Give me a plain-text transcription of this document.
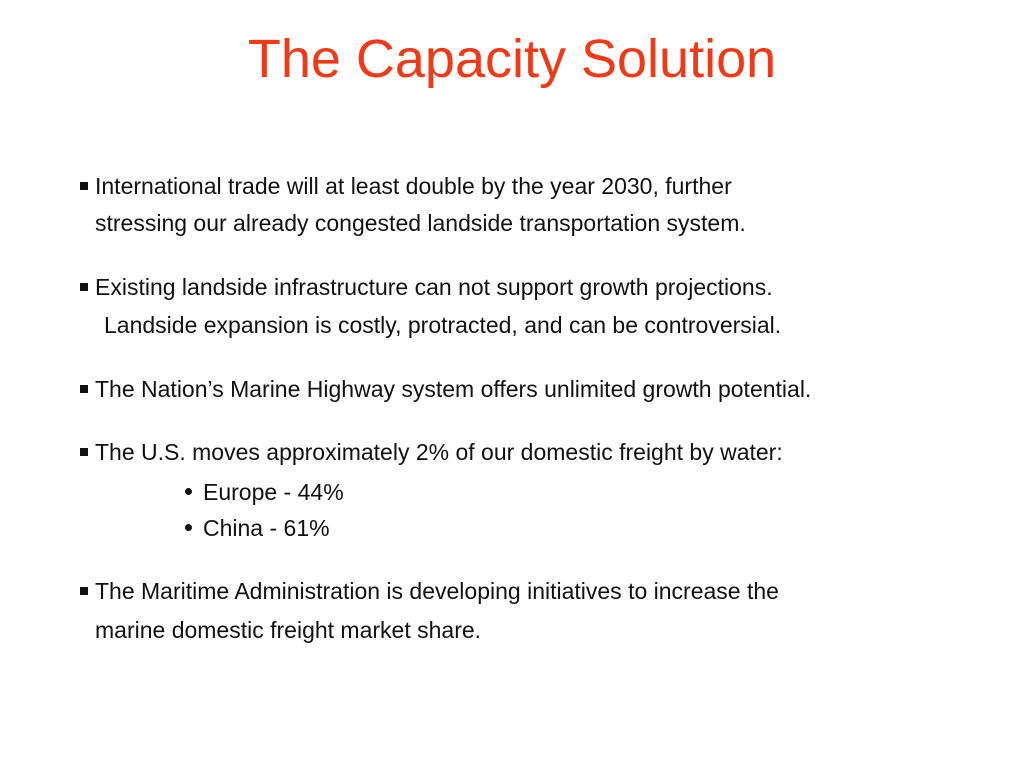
The Capacity Solution
International trade will at least double by the year 2030, further
stressing our already congested landside transportation system.
Existing landside infrastructure can not support growth projections.
Landside expansion is costly, protracted, and can be controversial.
The Nation’s Marine Highway system offers unlimited growth potential.
The U.S. moves approximately 2% of our domestic freight by water:
Europe - 44%
China - 61%
The Maritime Administration is developing initiatives to increase the
marine domestic freight market share.
